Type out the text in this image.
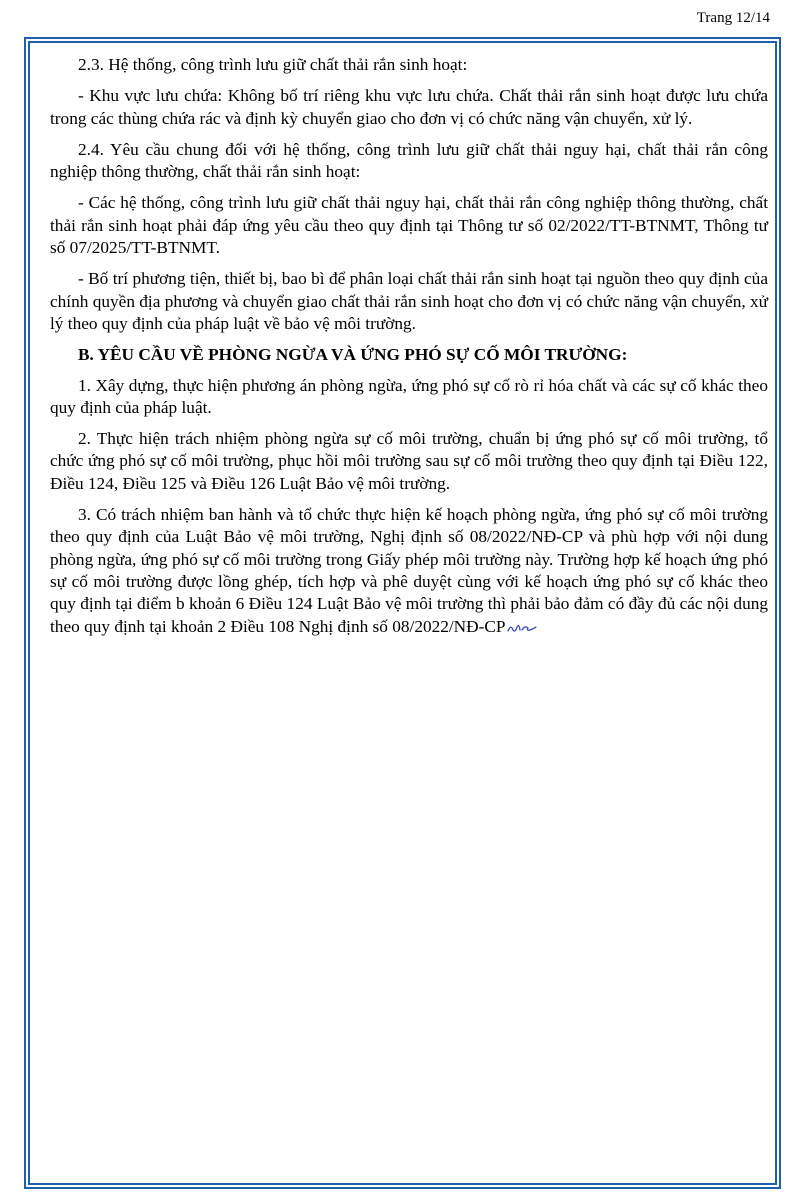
Trang 12/14

2.3. Hệ thống, công trình lưu giữ chất thải rắn sinh hoạt:

- Khu vực lưu chứa: Không bố trí riêng khu vực lưu chứa. Chất thải rắn sinh hoạt được lưu chứa trong các thùng chứa rác và định kỳ chuyển giao cho đơn vị có chức năng vận chuyển, xử lý.

2.4. Yêu cầu chung đối với hệ thống, công trình lưu giữ chất thải nguy hại, chất thải rắn công nghiệp thông thường, chất thải rắn sinh hoạt:

- Các hệ thống, công trình lưu giữ chất thải nguy hại, chất thải rắn công nghiệp thông thường, chất thải rắn sinh hoạt phải đáp ứng yêu cầu theo quy định tại Thông tư số 02/2022/TT-BTNMT, Thông tư số 07/2025/TT-BTNMT.

- Bố trí phương tiện, thiết bị, bao bì để phân loại chất thải rắn sinh hoạt tại nguồn theo quy định của chính quyền địa phương và chuyển giao chất thải rắn sinh hoạt cho đơn vị có chức năng vận chuyển, xử lý theo quy định của pháp luật về bảo vệ môi trường.

B. YÊU CẦU VỀ PHÒNG NGỪA VÀ ỨNG PHÓ SỰ CỐ MÔI TRƯỜNG:

1. Xây dựng, thực hiện phương án phòng ngừa, ứng phó sự cố rò rỉ hóa chất và các sự cố khác theo quy định của pháp luật.

2. Thực hiện trách nhiệm phòng ngừa sự cố môi trường, chuẩn bị ứng phó sự cố môi trường, tổ chức ứng phó sự cố môi trường, phục hồi môi trường sau sự cố môi trường theo quy định tại Điều 122, Điều 124, Điều 125 và Điều 126 Luật Bảo vệ môi trường.

3. Có trách nhiệm ban hành và tổ chức thực hiện kế hoạch phòng ngừa, ứng phó sự cố môi trường theo quy định của Luật Bảo vệ môi trường, Nghị định số 08/2022/NĐ-CP và phù hợp với nội dung phòng ngừa, ứng phó sự cố môi trường trong Giấy phép môi trường này. Trường hợp kế hoạch ứng phó sự cố môi trường được lồng ghép, tích hợp và phê duyệt cùng với kế hoạch ứng phó sự cố khác theo quy định tại điểm b khoản 6 Điều 124 Luật Bảo vệ môi trường thì phải bảo đảm có đầy đủ các nội dung theo quy định tại khoản 2 Điều 108 Nghị định số 08/2022/NĐ-CP
